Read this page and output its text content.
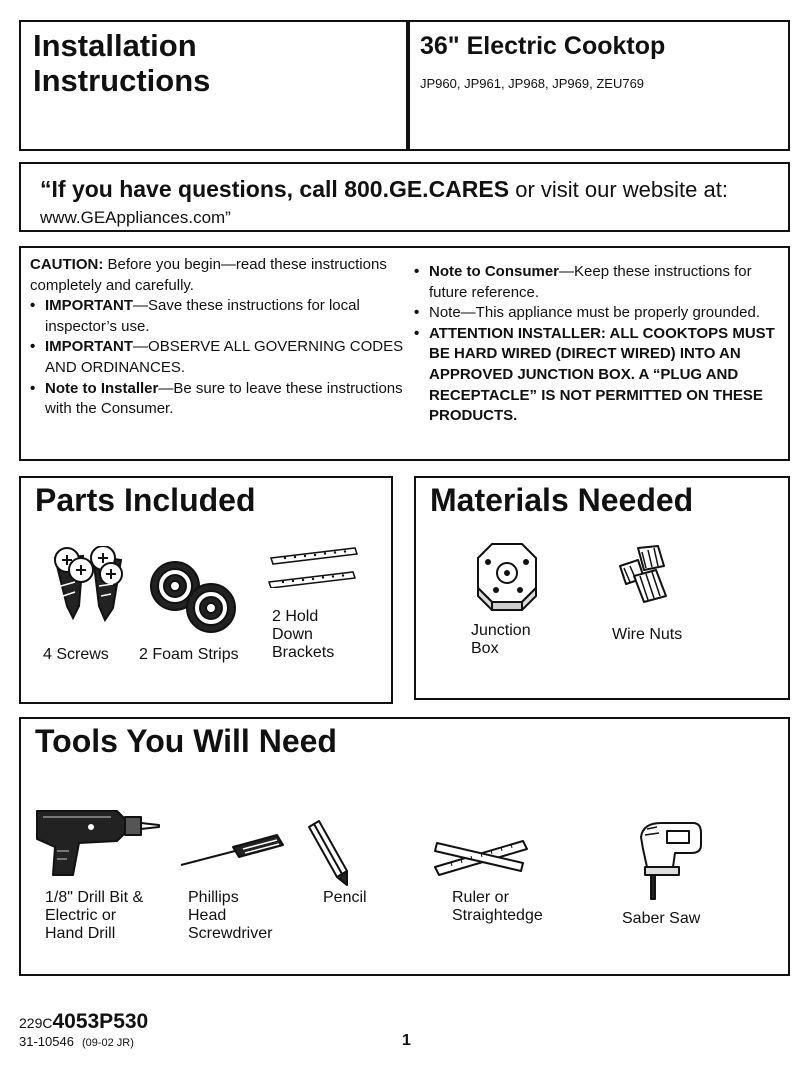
Installation
Instructions
36" Electric Cooktop
JP960, JP961, JP968, JP969, ZEU769
“If you have questions, call 800.GE.CARES or visit our website at:
www.GEAppliances.com”
CAUTION: Before you begin—read these instructions completely and carefully.
• IMPORTANT—Save these instructions for local inspector’s use.
• IMPORTANT—OBSERVE ALL GOVERNING CODES AND ORDINANCES.
• Note to Installer—Be sure to leave these instructions with the Consumer.
• Note to Consumer—Keep these instructions for future reference.
• Note—This appliance must be properly grounded.
• ATTENTION INSTALLER: ALL COOKTOPS MUST BE HARD WIRED (DIRECT WIRED) INTO AN APPROVED JUNCTION BOX. A “PLUG AND RECEPTACLE” IS NOT PERMITTED ON THESE PRODUCTS.
Parts Included
4 Screws 2 Foam Strips
2 Hold
Down
Brackets
Materials Needed
Junction
Box
Wire Nuts
Tools You Will Need
1/8" Drill Bit &
Electric or
Hand Drill
Phillips
Head
Screwdriver
Pencil	Ruler or
Straightedge	Saber Saw
229C4053P530
31-10546 (09-02 JR)	1
